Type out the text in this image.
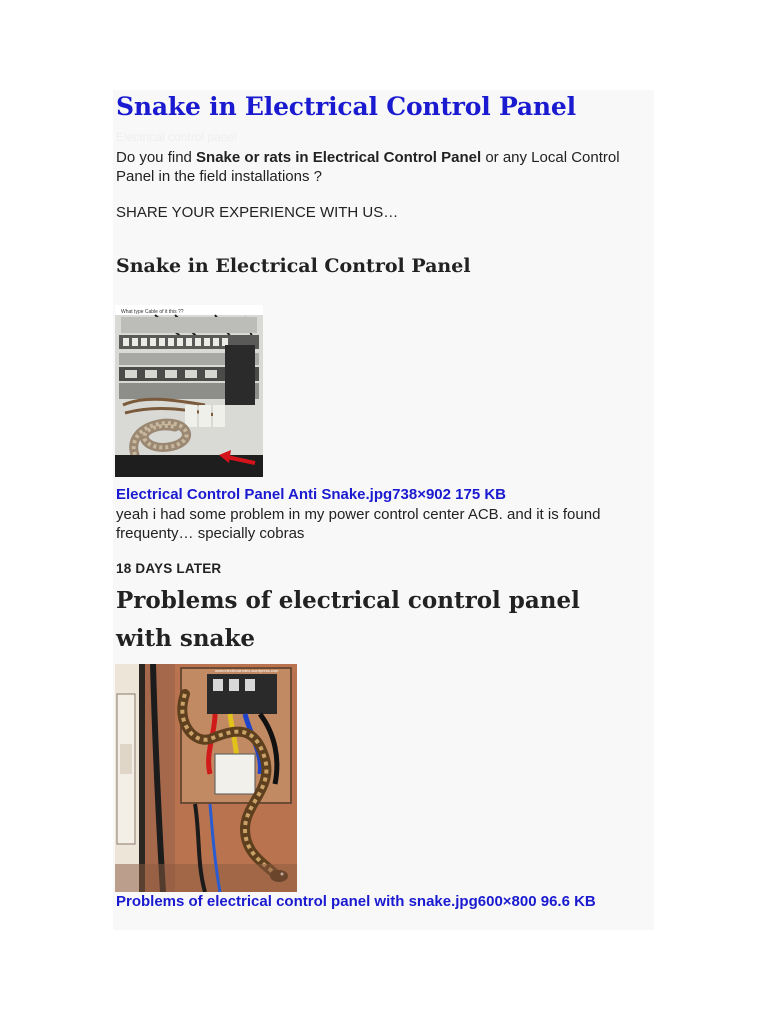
Snake in Electrical Control Panel
Electrical control panel

Do you find Snake or rats in Electrical Control Panel or any Local Control Panel in the field installations ?

SHARE YOUR EXPERIENCE WITH US…

Snake in Electrical Control Panel
What type Cable of it this ??
Electrical Control Panel Anti Snake.jpg738×902 175 KB

yeah i had some problem in my power control center ACB. and it is found frequenty… specially cobras

18 DAYS LATER
Problems of electrical control panel with snake
www.electricalnotes.wordpress.com
Problems of electrical control panel with snake.jpg600×800 96.6 KB
